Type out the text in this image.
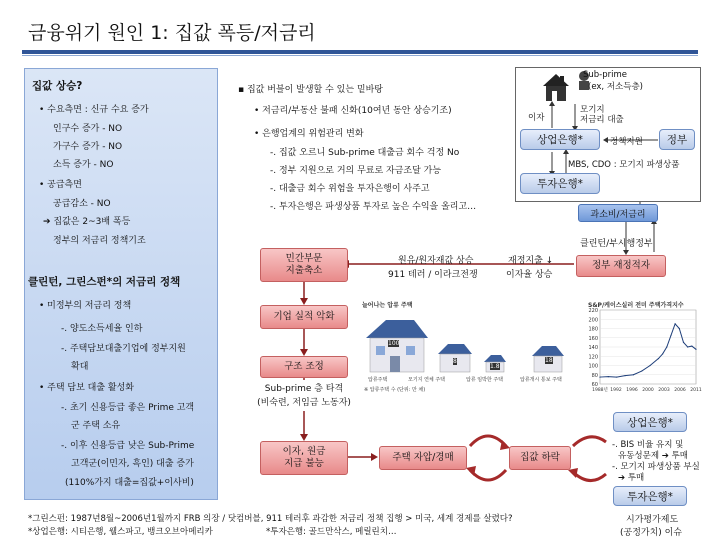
금융위기 원인 1: 집값 폭등/저금리
집값 상승?
• 수요측면 : 신규 수요 증가
인구수 증가 - NO
가구수 증가 - NO
소득 증가 - NO
• 공급측면
공급감소 - NO
➔ 집값은 2~3배 폭등
정부의 저금리 정책기조
클린턴, 그린스펀*의 저금리 정책
• 미정부의 저금리 정책
-. 양도소득세율 인하
-. 주택담보대출기업에 정부지원
확대
• 주택 담보 대출 활성화
-. 초기 신용등급 좋은 Prime 고객
군 주택 소유
-. 이후 신용등급 낮은 Sub-Prime
고객군(이민자, 흑인) 대출 증가
(110%가지 대출=집값+이사비)
▪ 집값 버블이 발생할 수 있는 밑바탕
• 저금리/부동산 불패 신화(10여년 동안 상승기조)
• 은행업계의 위험관리 변화
-. 집값 오르니 Sub-prime 대출금 회수 걱정 No
-. 정부 지원으로 거의 무료로 자금조달 가능
-. 대출금 회수 위험을 투자은행이 사주고
-. 투자은행은 파생상품 투자로 높은 수익을 올리고…
Sub-prime
(ex, 저소득층)
이자
모기지
저금리 대출
상업은행*	정책지원	정부
MBS, CDO : 모기지 파생상품
투자은행*
과소비/저금리
클린턴/부시행정부
정부 재정적자
재정지출 ↓
이자율 상승
원유/원자재값 상승
911 테러 / 이라크전쟁
민간부문
지출축소
기업 실적 악화
구조 조정
Sub-prime 층 타격
(비숙련, 저임금 노동자)
이자, 원금
지급 불능
주택 자압/경매	집값 하락
상업은행*
-. BIS 비율 유지 및
유동성문제 ➔ 투매
-. 모기지 파생상품 부실
➔ 투매
투자은행*
늘어나는 압류 주택
100
8
1.8
18
압류주택	모기지 연체 주택	압류 임박한 주택	압류개시 통보 주택
※ 압류주택 수 (단위: 만 채)
S&P/케이스실러 전미 주택가격지수
220
200
180
160
140
120
100
80
60
1988년 1992 1996 2000 2003 2006 2011
*그린스펀: 1987년8월~2006년1월까지 FRB 의장 / 닷컴버블, 911 테러후 과감한 저금리 정책 집행 > 미국, 세계 경제를 살렸다?
*상업은행: 시티은행, 웰스파고, 뱅크오브아메리카	*투자은행: 골드만삭스, 메릴린치…
시가평가제도
(공정가치) 이슈
